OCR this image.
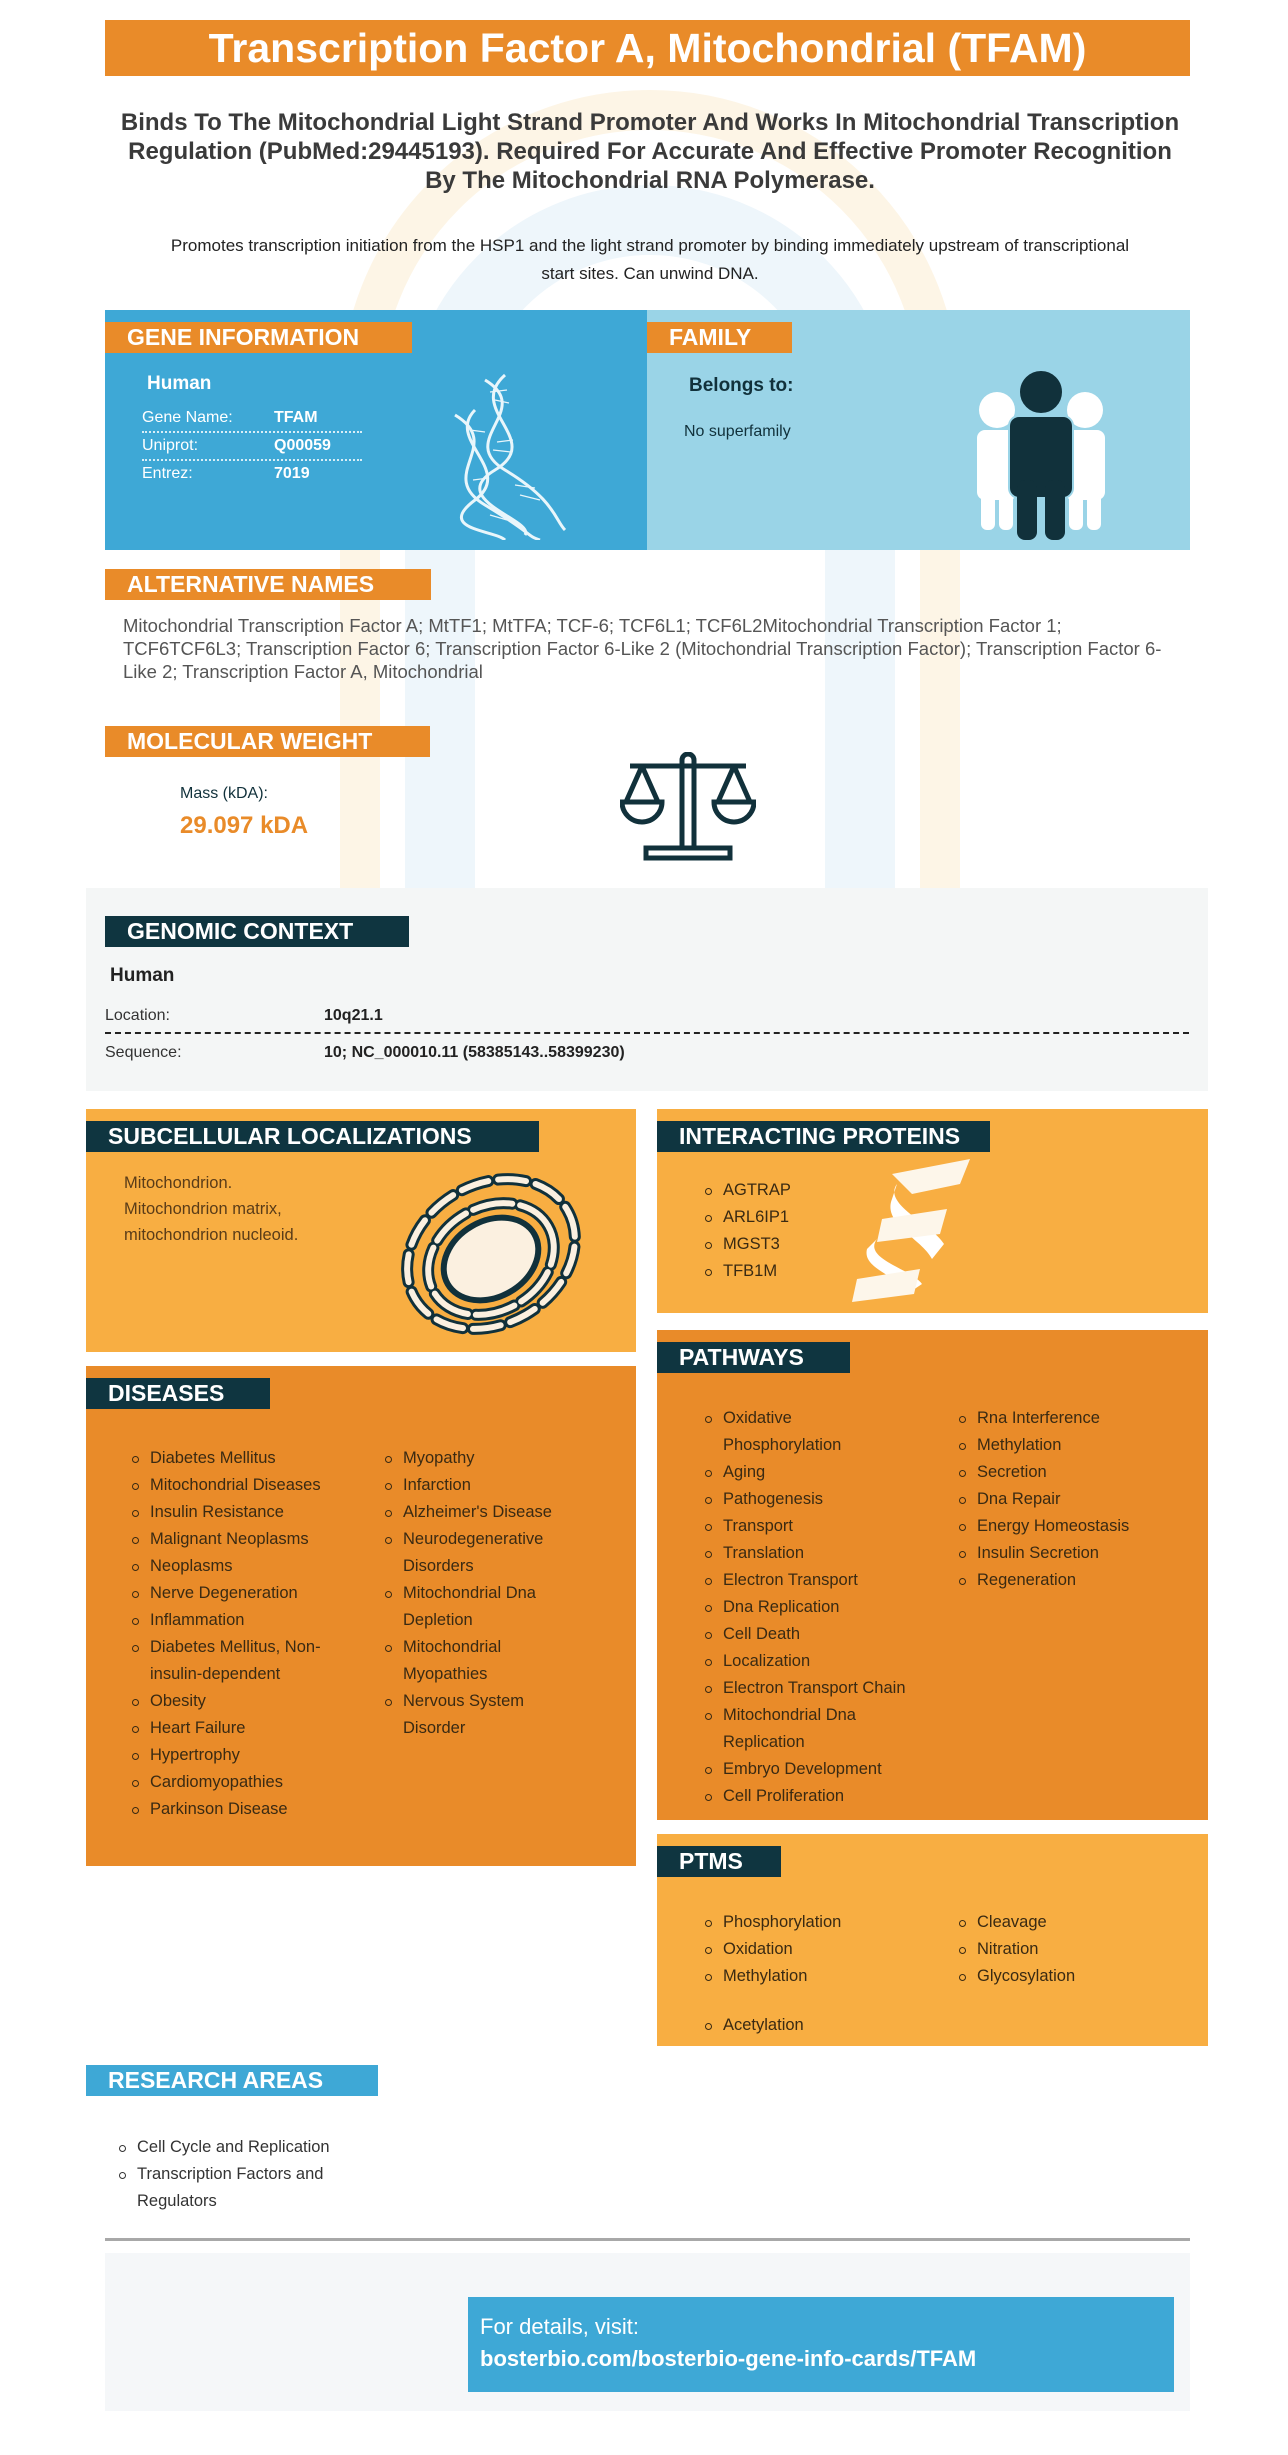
Transcription Factor A, Mitochondrial (TFAM)
Binds To The Mitochondrial Light Strand Promoter And Works In Mitochondrial Transcription Regulation (PubMed:29445193). Required For Accurate And Effective Promoter Recognition By The Mitochondrial RNA Polymerase.
Promotes transcription initiation from the HSP1 and the light strand promoter by binding immediately upstream of transcriptional start sites. Can unwind DNA.
GENE INFORMATION
Human
Gene Name:	TFAM
Uniprot:	Q00059
Entrez:	7019
FAMILY
Belongs to:
No superfamily
ALTERNATIVE NAMES
Mitochondrial Transcription Factor A; MtTF1; MtTFA; TCF-6; TCF6L1; TCF6L2Mitochondrial Transcription Factor 1; TCF6TCF6L3; Transcription Factor 6; Transcription Factor 6-Like 2 (Mitochondrial Transcription Factor); Transcription Factor 6-Like 2; Transcription Factor A, Mitochondrial
MOLECULAR WEIGHT
Mass (kDA):
29.097 kDA
GENOMIC CONTEXT
Human
Location:	10q21.1
Sequence:	10; NC_000010.11 (58385143..58399230)
SUBCELLULAR LOCALIZATIONS
Mitochondrion.
Mitochondrion matrix,
mitochondrion nucleoid.
INTERACTING PROTEINS
AGTRAP
ARL6IP1
MGST3
TFB1M
DISEASES
Diabetes Mellitus
Mitochondrial Diseases
Insulin Resistance
Malignant Neoplasms
Neoplasms
Nerve Degeneration
Inflammation
Diabetes Mellitus, Non-insulin-dependent
Obesity
Heart Failure
Hypertrophy
Cardiomyopathies
Parkinson Disease
Myopathy
Infarction
Alzheimer's Disease
Neurodegenerative Disorders
Mitochondrial Dna Depletion
Mitochondrial Myopathies
Nervous System Disorder
PATHWAYS
Oxidative Phosphorylation
Aging
Pathogenesis
Transport
Translation
Electron Transport
Dna Replication
Cell Death
Localization
Electron Transport Chain
Mitochondrial Dna Replication
Embryo Development
Cell Proliferation
Rna Interference
Methylation
Secretion
Dna Repair
Energy Homeostasis
Insulin Secretion
Regeneration
PTMS
Phosphorylation
Oxidation
Methylation
Cleavage
Nitration
Glycosylation
Acetylation
RESEARCH AREAS
Cell Cycle and Replication
Transcription Factors and Regulators
For details, visit:
bosterbio.com/bosterbio-gene-info-cards/TFAM
